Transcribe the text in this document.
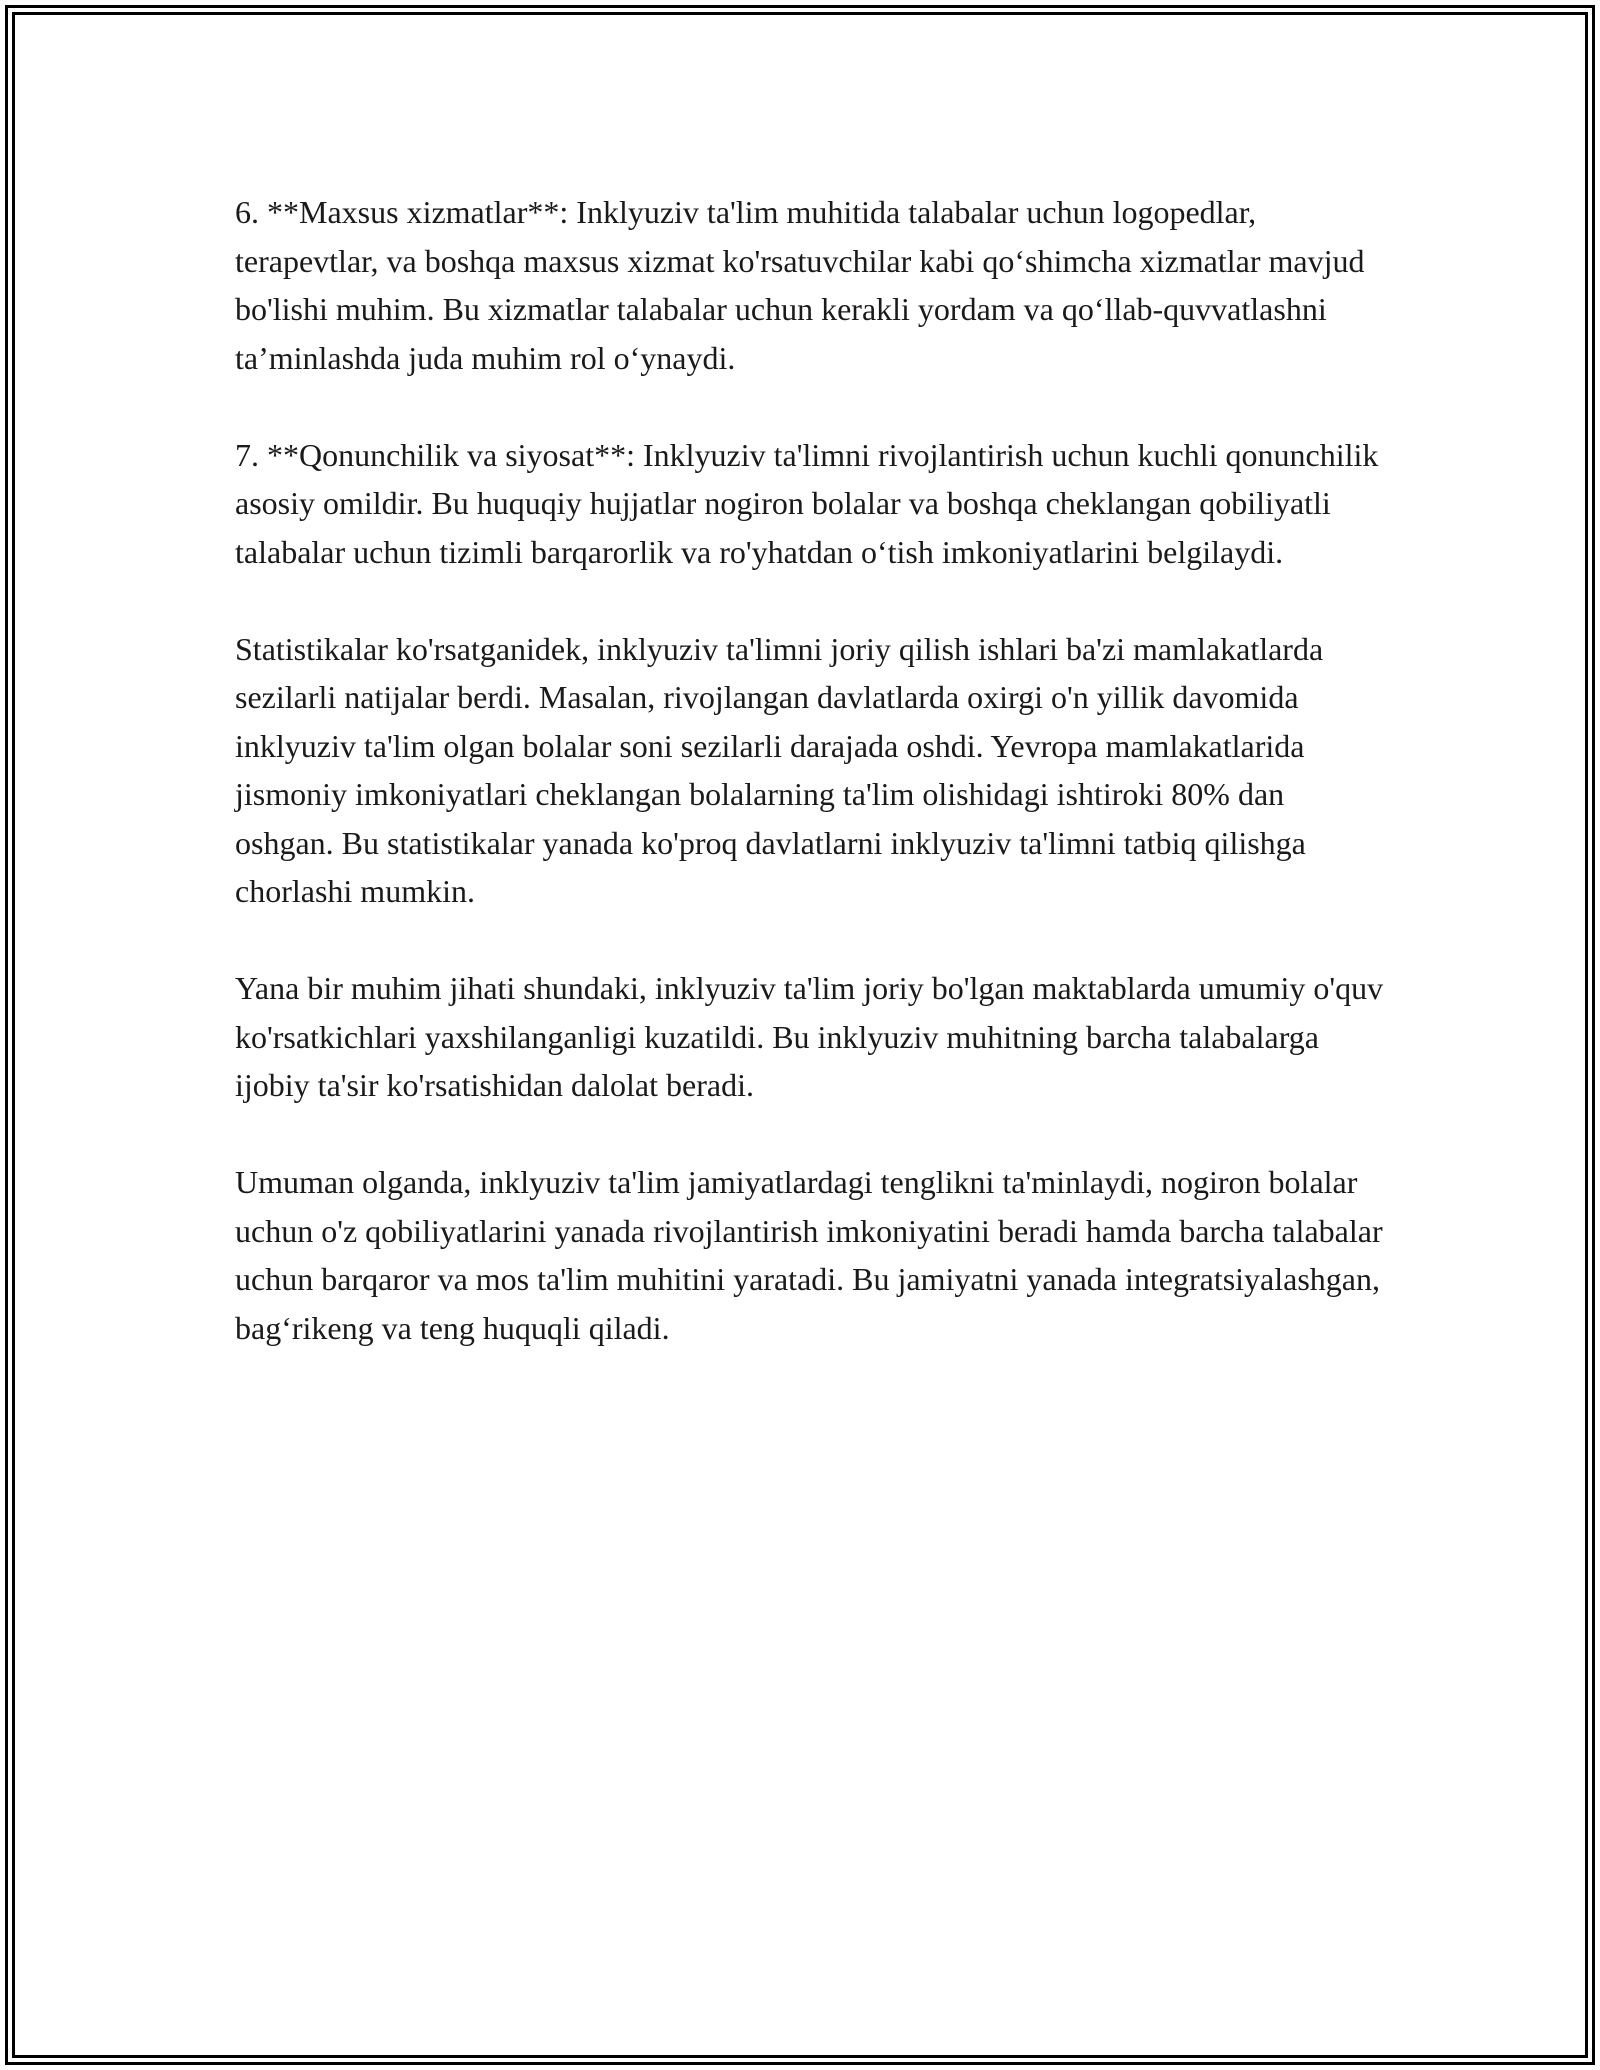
6. **Maxsus xizmatlar**: Inklyuziv ta'lim muhitida talabalar uchun logopedlar, terapevtlar, va boshqa maxsus xizmat ko'rsatuvchilar kabi qo‘shimcha xizmatlar mavjud bo'lishi muhim. Bu xizmatlar talabalar uchun kerakli yordam va qo‘llab-quvvatlashni ta’minlashda juda muhim rol o‘ynaydi.

7. **Qonunchilik va siyosat**: Inklyuziv ta'limni rivojlantirish uchun kuchli qonunchilik asosiy omildir. Bu huquqiy hujjatlar nogiron bolalar va boshqa cheklangan qobiliyatli talabalar uchun tizimli barqarorlik va ro'yhatdan o‘tish imkoniyatlarini belgilaydi.

Statistikalar ko'rsatganidek, inklyuziv ta'limni joriy qilish ishlari ba'zi mamlakatlarda sezilarli natijalar berdi. Masalan, rivojlangan davlatlarda oxirgi o'n yillik davomida inklyuziv ta'lim olgan bolalar soni sezilarli darajada oshdi. Yevropa mamlakatlarida jismoniy imkoniyatlari cheklangan bolalarning ta'lim olishidagi ishtiroki 80% dan oshgan. Bu statistikalar yanada ko'proq davlatlarni inklyuziv ta'limni tatbiq qilishga chorlashi mumkin.

Yana bir muhim jihati shundaki, inklyuziv ta'lim joriy bo'lgan maktablarda umumiy o'quv ko'rsatkichlari yaxshilanganligi kuzatildi. Bu inklyuziv muhitning barcha talabalarga ijobiy ta'sir ko'rsatishidan dalolat beradi.

Umuman olganda, inklyuziv ta'lim jamiyatlardagi tenglikni ta'minlaydi, nogiron bolalar uchun o'z qobiliyatlarini yanada rivojlantirish imkoniyatini beradi hamda barcha talabalar uchun barqaror va mos ta'lim muhitini yaratadi. Bu jamiyatni yanada integratsiyalashgan, bag‘rikeng va teng huquqli qiladi.
